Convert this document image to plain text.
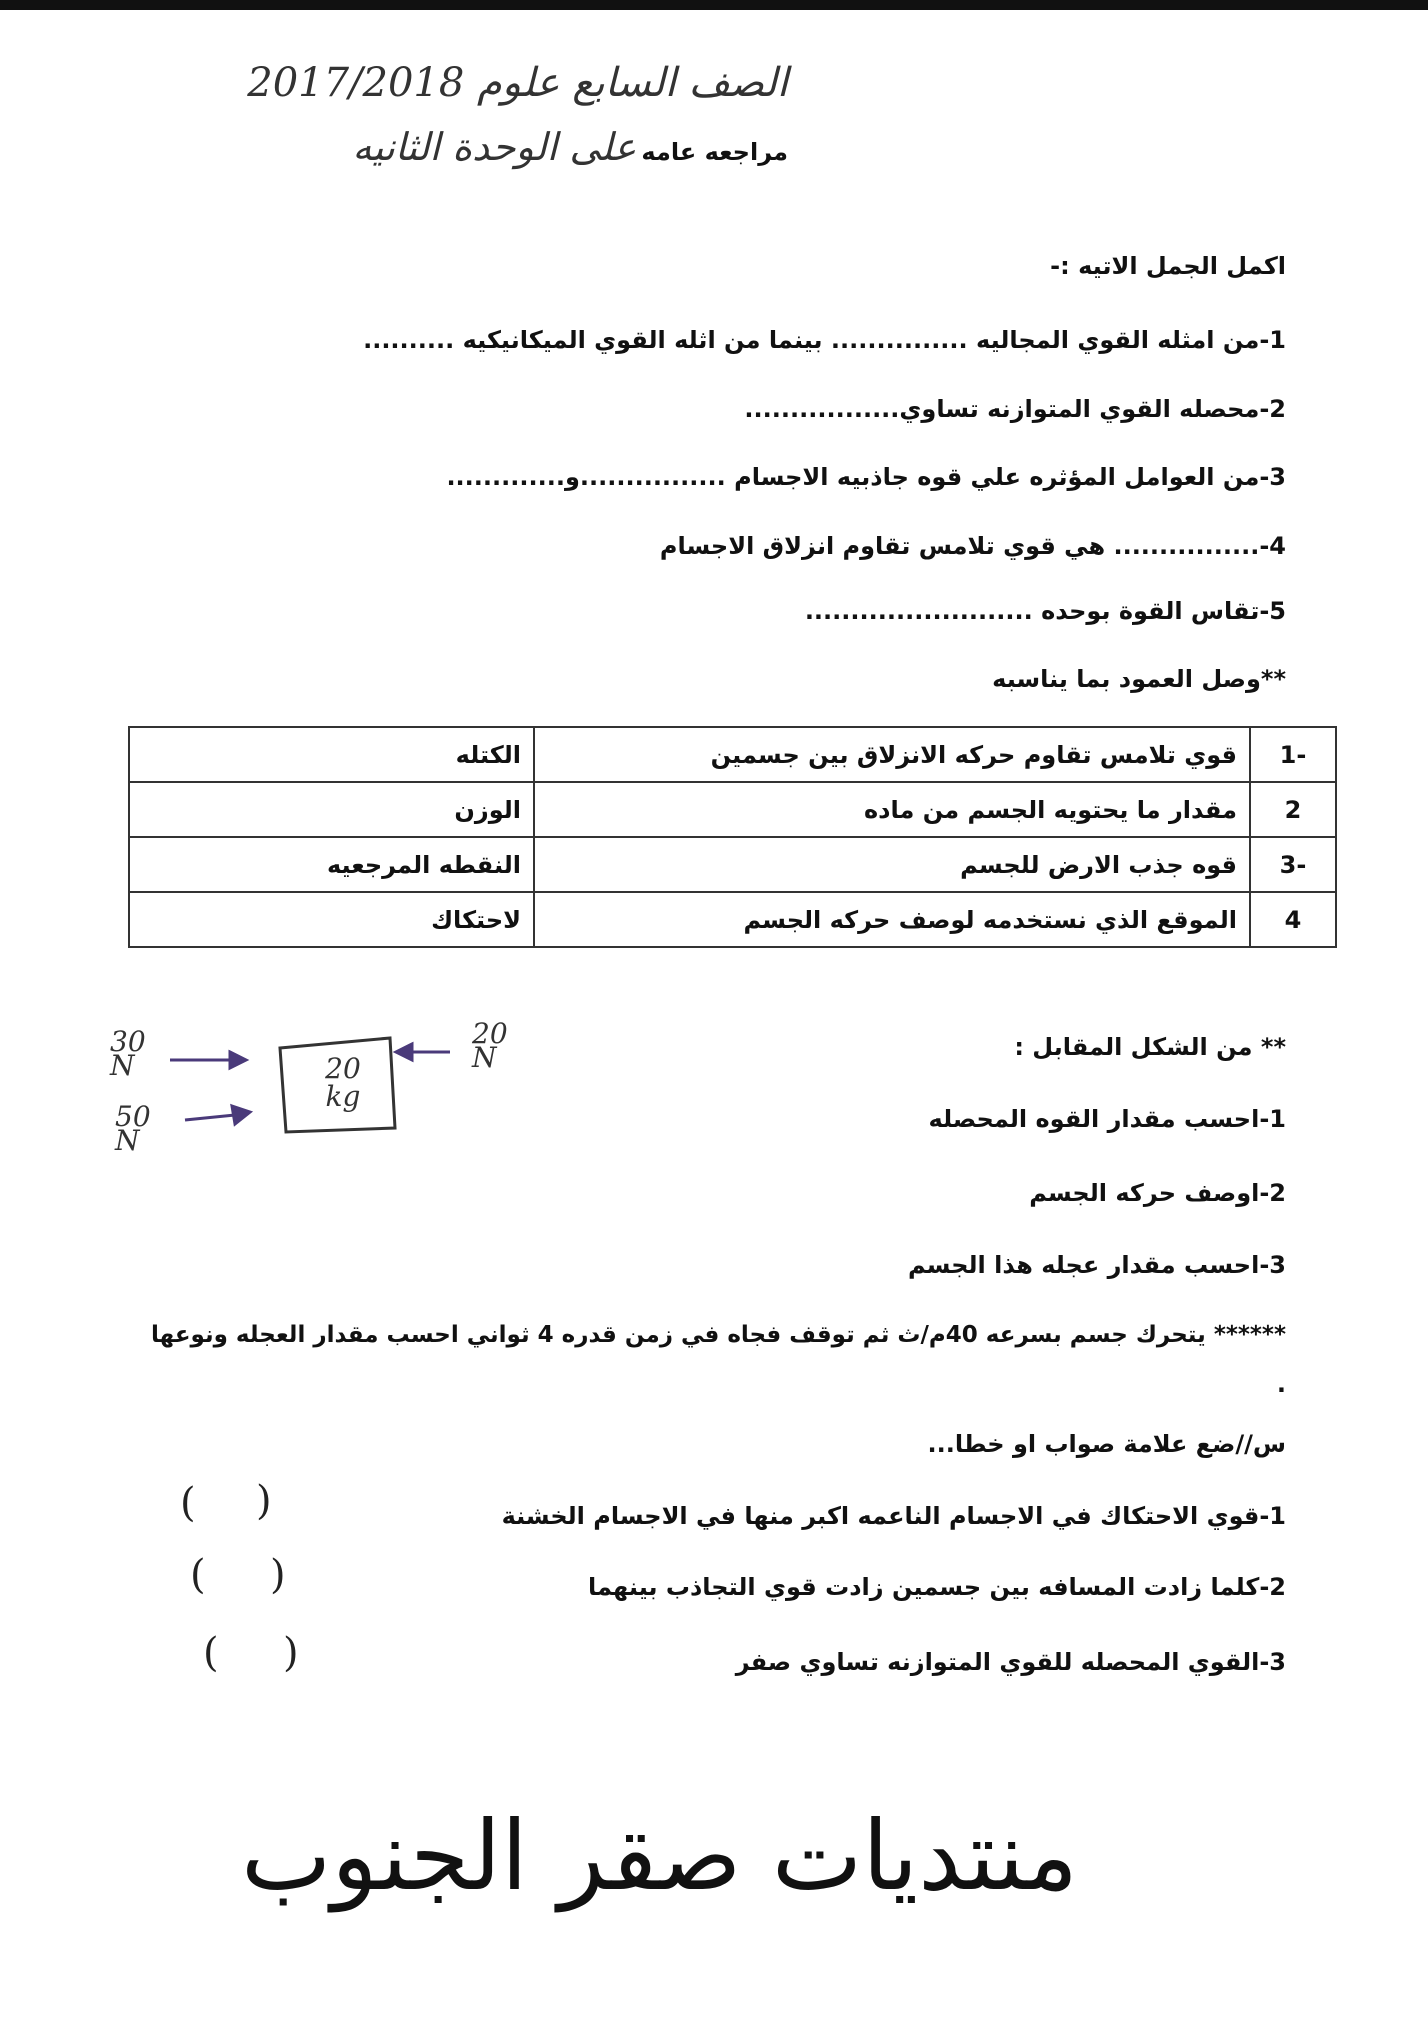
الصف السابع علوم 2017/2018
مراجعه عامه على الوحدة الثانيه
اكمل الجمل الاتيه :-
1-من امثله القوي المجاليه ............... بينما من اثله القوي الميكانيكيه ..........
2-محصله القوي المتوازنه تساوي.................
3-من العوامل المؤثره علي قوه جاذبيه الاجسام ................و.............
4-................ هي قوي تلامس تقاوم انزلاق الاجسام
5-تقاس القوة بوحده .........................
**وصل العمود بما يناسبه
-1	قوي تلامس تقاوم حركه الانزلاق بين جسمين	الكتله
2	مقدار ما يحتويه الجسم من ماده	الوزن
-3	قوه جذب الارض للجسم	النقطه المرجعيه
4	الموقع الذي نستخدمه لوصف حركه الجسم	لاحتكاك
20
kg
30
N
50
N
20
N	** من الشكل المقابل :
1-احسب مقدار القوه المحصله
2-اوصف حركه الجسم
3-احسب مقدار عجله هذا الجسم
****** يتحرك جسم بسرعه 40م/ث ثم توقف فجاه في زمن قدره 4 ثواني احسب مقدار العجله ونوعها
.
س//ضع علامة صواب او خطا...
1-قوي الاحتكاك في الاجسام الناعمه اكبر منها في الاجسام الخشنة
2-كلما زادت المسافه بين جسمين زادت قوي التجاذب بينهما
3-القوي المحصله للقوي المتوازنه تساوي صفر
( )
( )
( )
منتديات صقر الجنوب
